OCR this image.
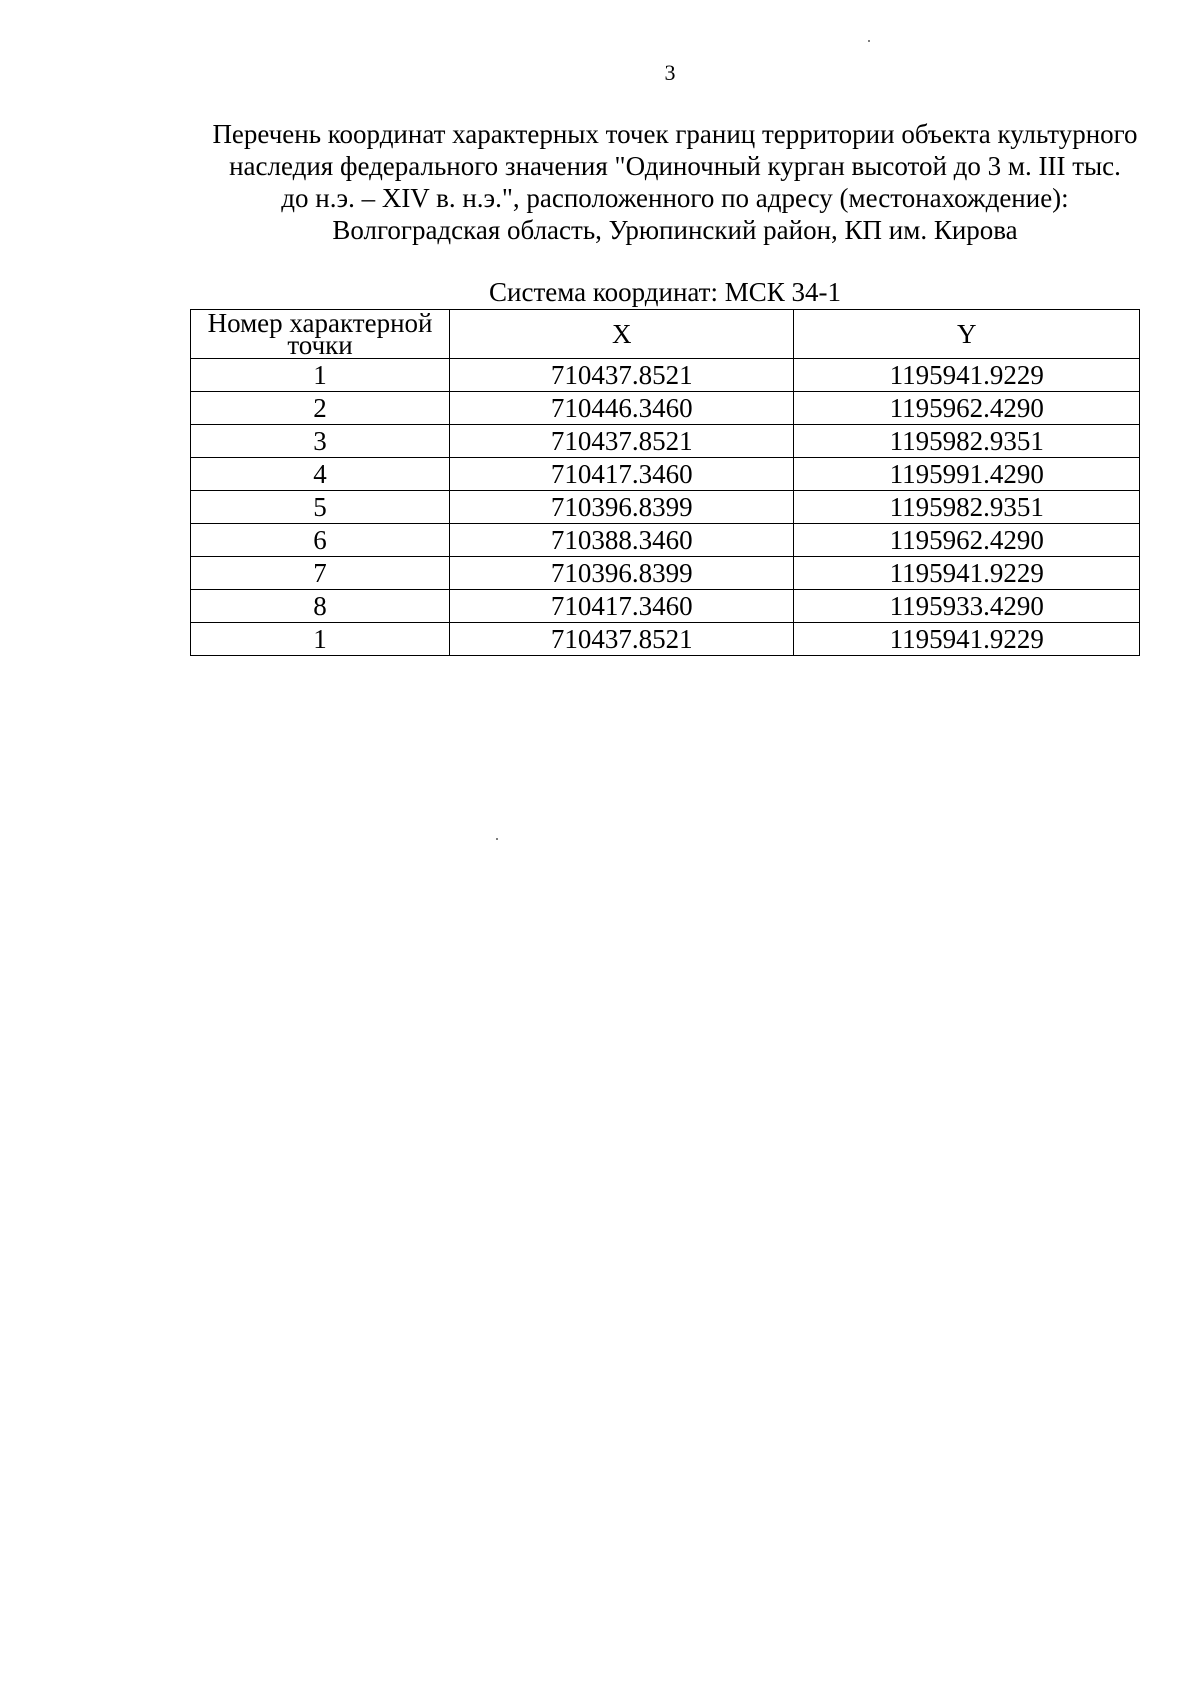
3
Перечень координат характерных точек границ территории объекта культурного
наследия федерального значения "Одиночный курган высотой до 3 м. III тыс.
до н.э. – XIV в. н.э.", расположенного по адресу (местонахождение):
Волгоградская область, Урюпинский район, КП им. Кирова
Система координат: МСК 34-1
Номер характерной точки	X	Y
1	710437.8521	1195941.9229
2	710446.3460	1195962.4290
3	710437.8521	1195982.9351
4	710417.3460	1195991.4290
5	710396.8399	1195982.9351
6	710388.3460	1195962.4290
7	710396.8399	1195941.9229
8	710417.3460	1195933.4290
1	710437.8521	1195941.9229
